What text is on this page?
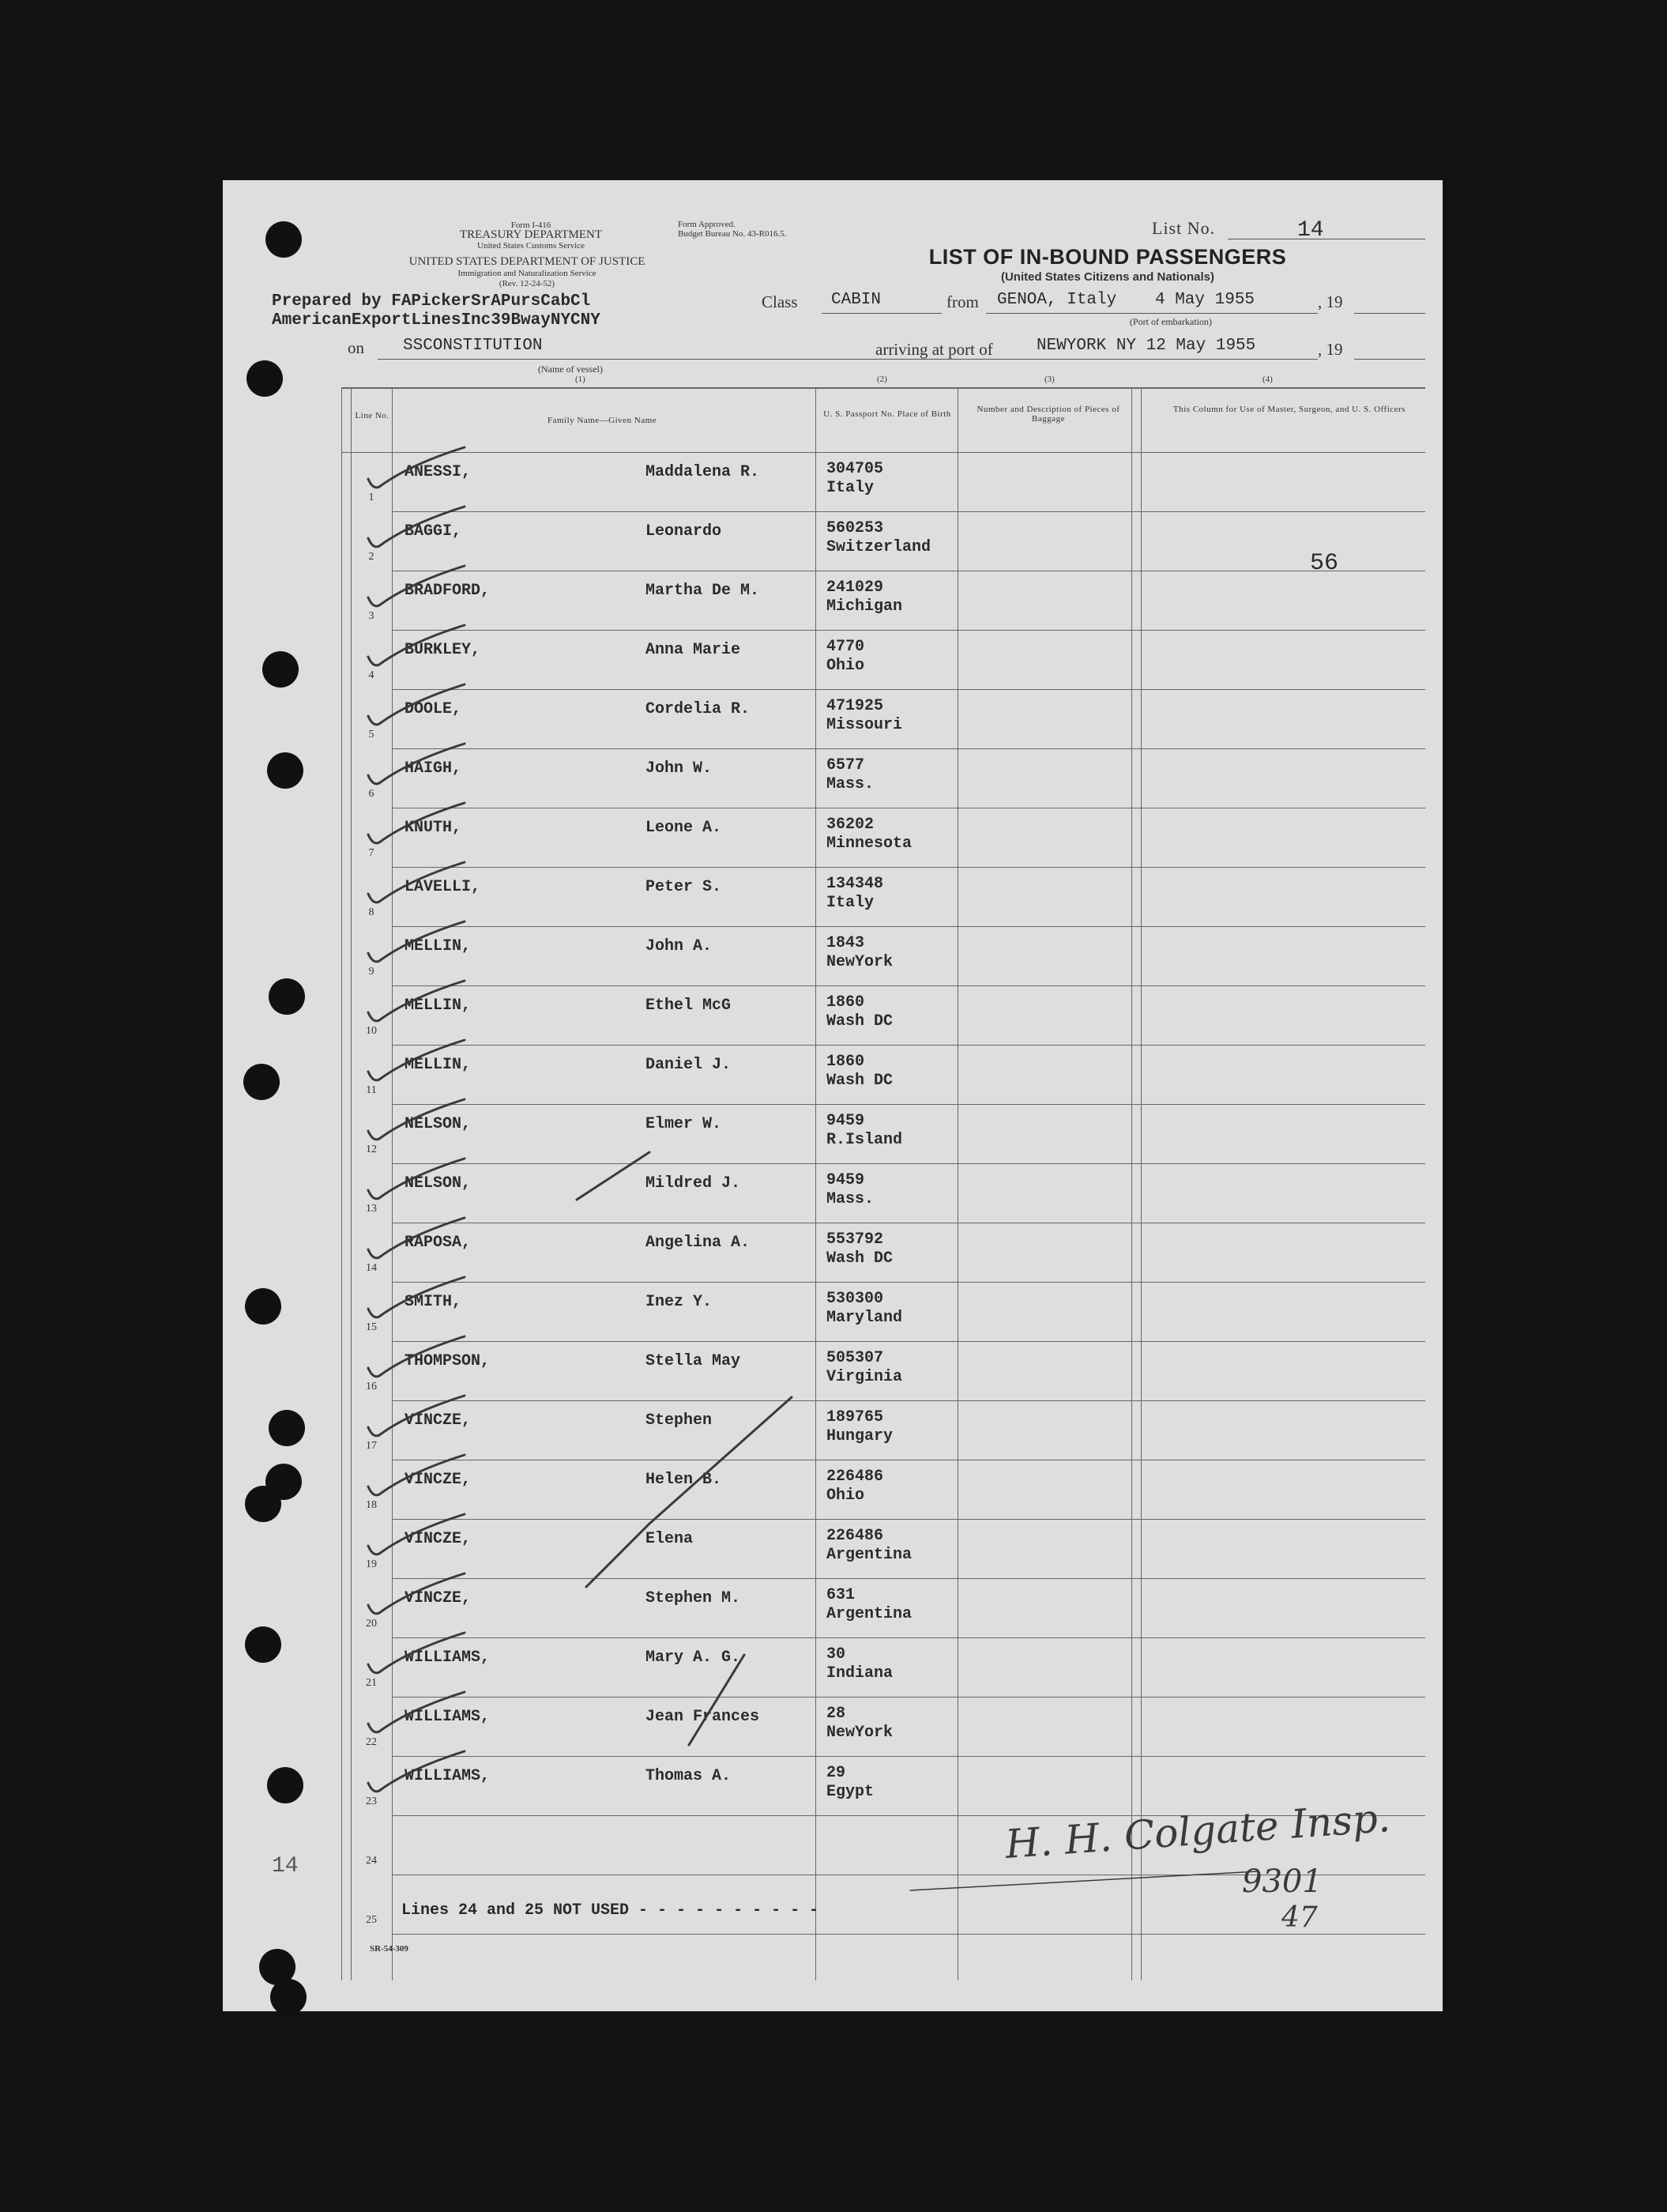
Form I-416
TREASURY DEPARTMENT
United States Customs Service
UNITED STATES DEPARTMENT OF JUSTICE
Immigration and Naturalization Service
(Rev. 12-24-52)
Form Approved.
Budget Bureau No. 43-R016.5.	List No.	14
LIST OF IN-BOUND PASSENGERS
(United States Citizens and Nationals)
Prepared by FAPickerSrAPursCabCl
AmericanExportLinesInc39BwayNYCNY
Class CABIN	from GENOA, Italy 4 May 1955	, 19
(Port of embarkation)
on SSCONSTITUTION
(Name of vessel)
arriving at port of	NEWYORK NY 12 May 1955	, 19
(1)	(2)	(3)	(4)
Line No.	Family Name—Given Name
U. S. Passport No. Place of Birth	Number and Description of Pieces of Baggage
This Column for Use of Master, Surgeon, and U. S. Officers
1
ANESSI,	Maddalena R.	304705
Italy
2
BAGGI,	Leonardo	560253
Switzerland
3
BRADFORD,	Martha De M.	241029
Michigan
4
BURKLEY,	Anna Marie	4770
Ohio
5
DOOLE,	Cordelia R.	471925
Missouri
6
HAIGH,	John W.	6577
Mass.
7
KNUTH,	Leone A.	36202
Minnesota
8
LAVELLI,	Peter S.	134348
Italy
9
MELLIN,	John A.	1843
NewYork
10
MELLIN,	Ethel McG	1860
Wash DC
11
MELLIN,	Daniel J.	1860
Wash DC
12
NELSON,	Elmer W.	9459
R.Island
13
NELSON,	Mildred J.	9459
Mass.
14
RAPOSA,	Angelina A.	553792
Wash DC
15
SMITH,	Inez Y.	530300
Maryland
16
THOMPSON,	Stella May	505307
Virginia
17
VINCZE,	Stephen	189765
Hungary
18
VINCZE,	Helen B.	226486
Ohio
19
VINCZE,	Elena	226486
Argentina
20
VINCZE,	Stephen M.	631
Argentina
21
WILLIAMS,	Mary A. G.	30
Indiana
22
WILLIAMS,	Jean Frances	28
NewYork
23
WILLIAMS,	Thomas A.	29
Egypt
24
25
56
Lines 24 and 25 NOT USED - - - - - - - - - -
H. H. Colgate Insp.
9301
47
14
SR-54-309
